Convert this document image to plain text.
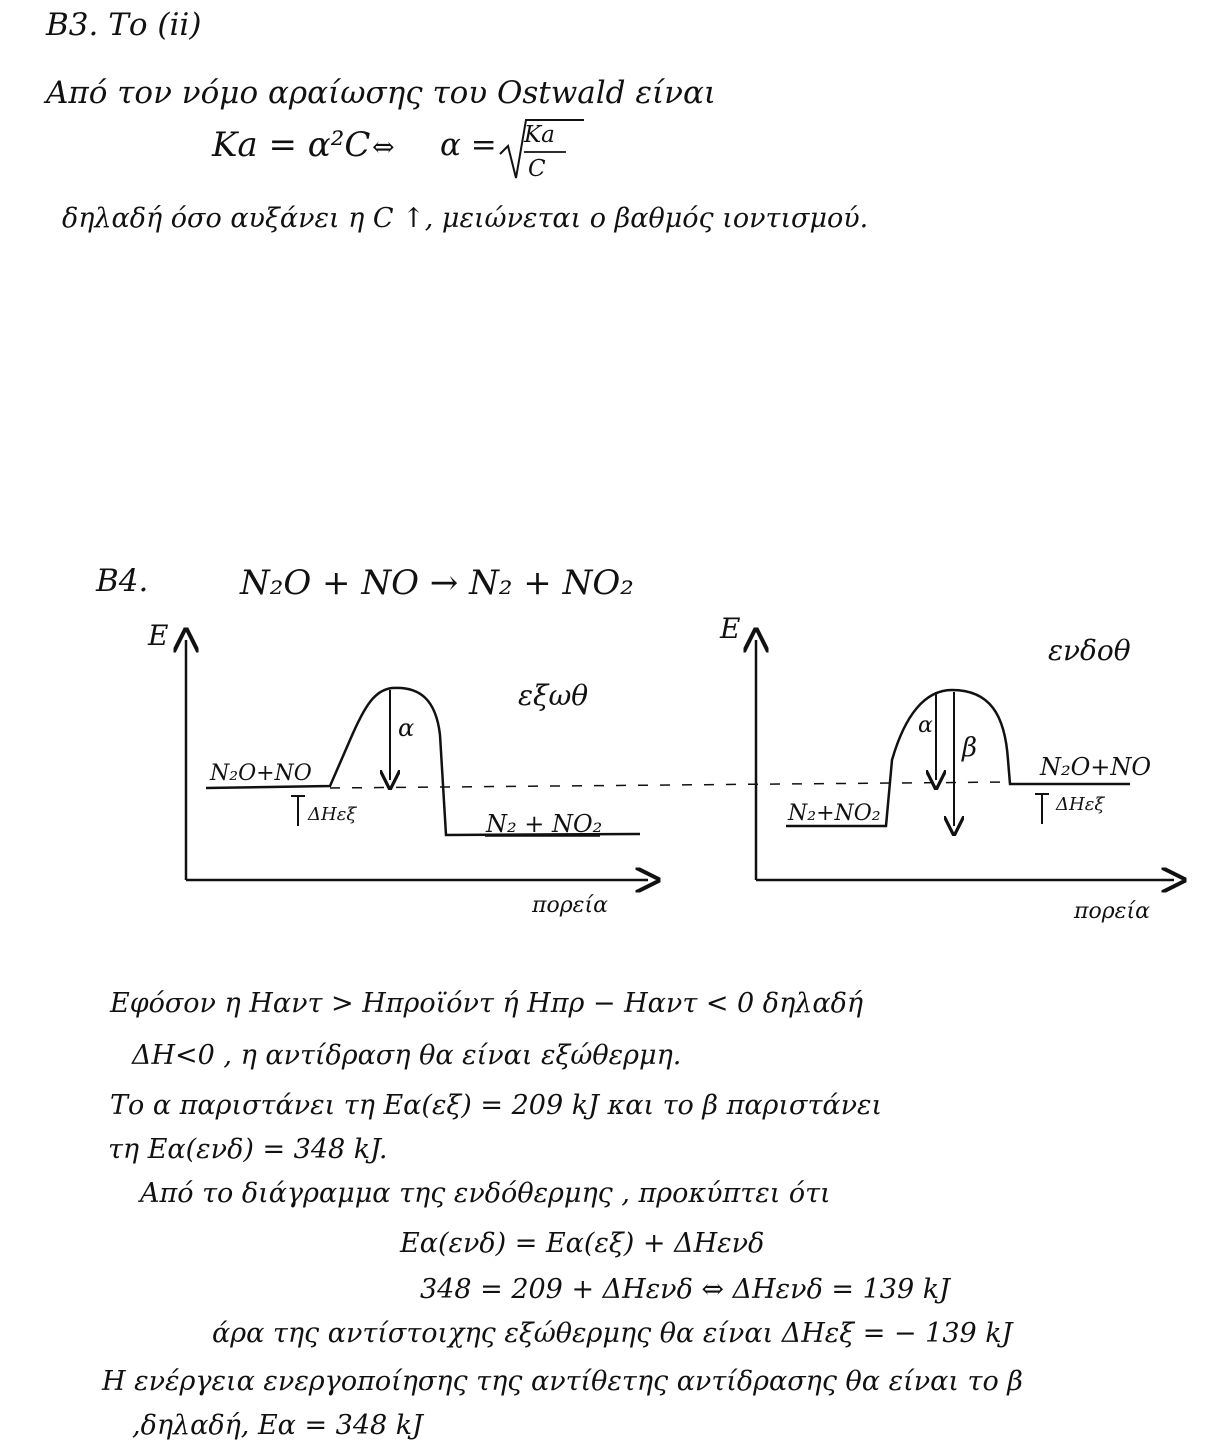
B3. Το (ii)
Από τον νόμο αραίωσης του Ostwald είναι
Ka = α²C ⇔ α = Ka
C
δηλαδή όσο αυξάνει η C ↑, μειώνεται ο βαθμός ιοντισμού.
B4.	N₂O + NO → N₂ + NO₂
E
πορεία
εξωθ
N₂O+NO
N₂ + NO₂
α
ΔHεξ
E
πορεία
ενδοθ
N₂+NO₂
N₂O+NO
α
β
ΔHεξ
Εφόσον η Hαντ > Hπροϊόντ ή Hπρ − Hαντ < 0 δηλαδή
ΔH<0 , η αντίδραση θα είναι εξώθερμη.
Το α παριστάνει τη Eα(εξ) = 209 kJ και το β παριστάνει
τη Eα(ενδ) = 348 kJ.
Από το διάγραμμα της ενδόθερμης , προκύπτει ότι
Eα(ενδ) = Eα(εξ) + ΔHενδ
348 = 209 + ΔHενδ ⇔ ΔHενδ = 139 kJ
άρα της αντίστοιχης εξώθερμης θα είναι ΔHεξ = − 139 kJ
Η ενέργεια ενεργοποίησης της αντίθετης αντίδρασης θα είναι το β
,δηλαδή, Eα = 348 kJ
